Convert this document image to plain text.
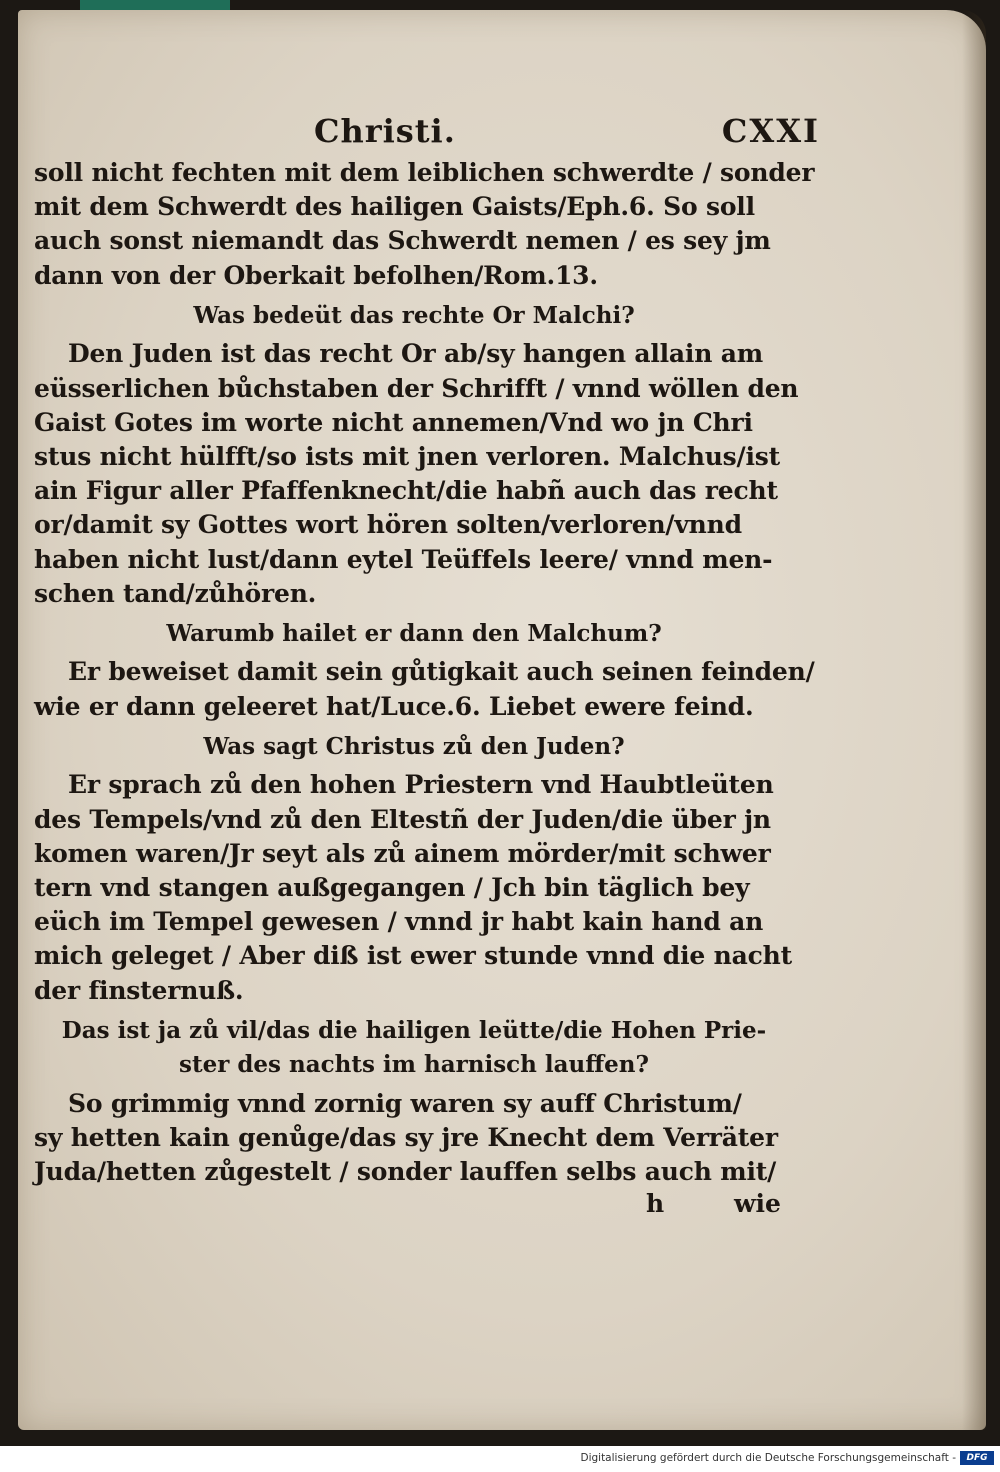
Christi.	CXXI
soll nicht fechten mit dem leiblichen schwerdte / sonder
mit dem Schwerdt des hailigen Gaists/Eph.6. So soll
auch sonst niemandt das Schwerdt nemen / es sey jm
dann von der Oberkait befolhen/Rom.13.
Was bedeüt das rechte Or Malchi?
Den Juden ist das recht Or ab/sy hangen allain am
eüsserlichen bůchstaben der Schrifft / vnnd wöllen den
Gaist Gotes im worte nicht annemen/Vnd wo jn Chri
stus nicht hülfft/so ists mit jnen verloren. Malchus/ist
ain Figur aller Pfaffenknecht/die habñ auch das recht
or/damit sy Gottes wort hören solten/verloren/vnnd
haben nicht lust/dann eytel Teüffels leere/ vnnd men-
schen tand/zůhören.
Warumb hailet er dann den Malchum?
Er beweiset damit sein gůtigkait auch seinen feinden/
wie er dann geleeret hat/Luce.6. Liebet ewere feind.
Was sagt Christus zů den Juden?
Er sprach zů den hohen Priestern vnd Haubtleüten
des Tempels/vnd zů den Eltestñ der Juden/die über jn
komen waren/Jr seyt als zů ainem mörder/mit schwer
tern vnd stangen außgegangen / Jch bin täglich bey
eüch im Tempel gewesen / vnnd jr habt kain hand an
mich geleget / Aber diß ist ewer stunde vnnd die nacht
der finsternuß.
Das ist ja zů vil/das die hailigen leütte/die Hohen Prie-
ster des nachts im harnisch lauffen?
So grimmig vnnd zornig waren sy auff Christum/
sy hetten kain genůge/das sy jre Knecht dem Verräter
Juda/hetten zůgestelt / sonder lauffen selbs auch mit/
h	wie
Digitalisierung gefördert durch die Deutsche Forschungsgemeinschaft -	DFG
